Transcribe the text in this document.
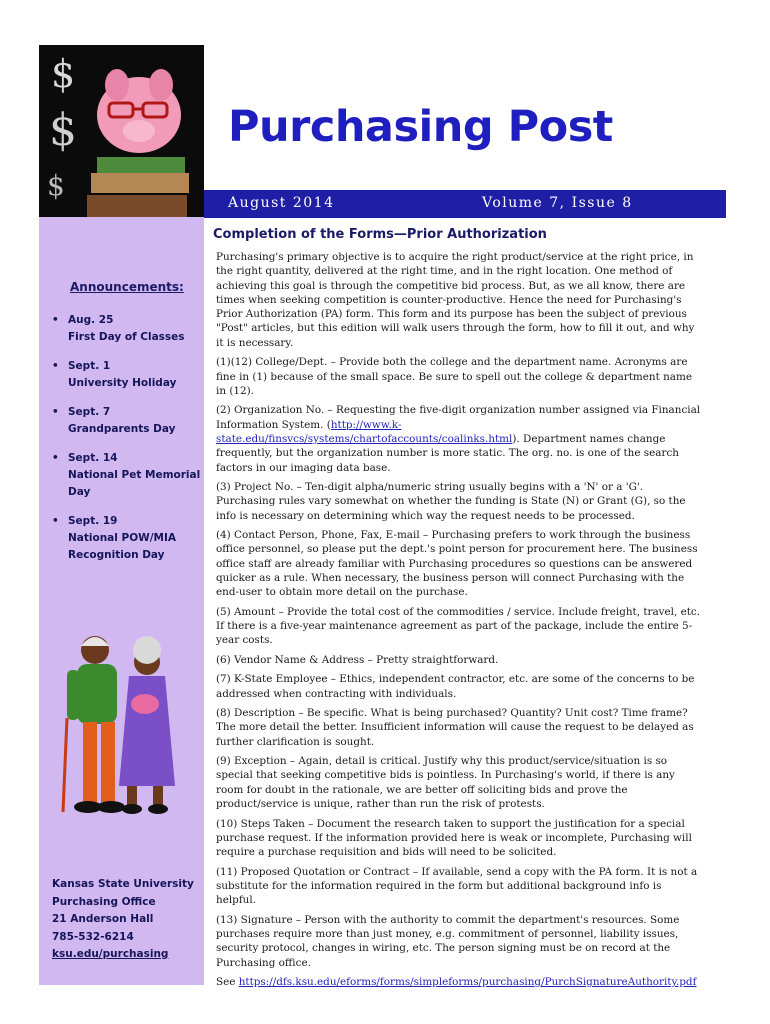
$
$
$
Purchasing Post
August 2014	Volume 7, Issue 8
Announcements:
• Aug. 25
First Day of Classes
• Sept. 1
University Holiday
• Sept. 7
Grandparents Day
• Sept. 14
National Pet Memorial Day
• Sept. 19
National POW/MIA Recognition Day
Kansas State University
Purchasing Office
21 Anderson Hall
785-532-6214
ksu.edu/purchasing
Completion of the Forms—Prior Authorization

Purchasing's primary objective is to acquire the right product/service at the right price, in the right quantity, delivered at the right time, and in the right location. One method of achieving this goal is through the competitive bid process. But, as we all know, there are times when seeking competition is counter-productive. Hence the need for Purchasing's Prior Authorization (PA) form. This form and its purpose has been the subject of previous "Post" articles, but this edition will walk users through the form, how to fill it out, and why it is necessary.

(1)(12) College/Dept. – Provide both the college and the department name. Acronyms are fine in (1) because of the small space. Be sure to spell out the college & department name in (12).

(2) Organization No. – Requesting the five-digit organization number assigned via Financial Information System. (http://www.k-state.edu/finsvcs/systems/chartofaccounts/coalinks.html). Department names change frequently, but the organization number is more static. The org. no. is one of the search factors in our imaging data base.

(3) Project No. – Ten-digit alpha/numeric string usually begins with a 'N' or a 'G'. Purchasing rules vary somewhat on whether the funding is State (N) or Grant (G), so the info is necessary on determining which way the request needs to be processed.

(4) Contact Person, Phone, Fax, E-mail – Purchasing prefers to work through the business office personnel, so please put the dept.'s point person for procurement here. The business office staff are already familiar with Purchasing procedures so questions can be answered quicker as a rule. When necessary, the business person will connect Purchasing with the end-user to obtain more detail on the purchase.

(5) Amount – Provide the total cost of the commodities / service. Include freight, travel, etc. If there is a five-year maintenance agreement as part of the package, include the entire 5-year costs.

(6) Vendor Name & Address – Pretty straightforward.

(7) K-State Employee – Ethics, independent contractor, etc. are some of the concerns to be addressed when contracting with individuals.

(8) Description – Be specific. What is being purchased? Quantity? Unit cost? Time frame? The more detail the better. Insufficient information will cause the request to be delayed as further clarification is sought.

(9) Exception – Again, detail is critical. Justify why this product/service/situation is so special that seeking competitive bids is pointless. In Purchasing's world, if there is any room for doubt in the rationale, we are better off soliciting bids and prove the product/service is unique, rather than run the risk of protests.

(10) Steps Taken – Document the research taken to support the justification for a special purchase request. If the information provided here is weak or incomplete, Purchasing will require a purchase requisition and bids will need to be solicited.

(11) Proposed Quotation or Contract – If available, send a copy with the PA form. It is not a substitute for the information required in the form but additional background info is helpful.

(13) Signature – Person with the authority to commit the department's resources. Some purchases require more than just money, e.g. commitment of personnel, liability issues, security protocol, changes in wiring, etc. The person signing must be on record at the Purchasing office.

See https://dfs.ksu.edu/eforms/forms/simpleforms/purchasing/PurchSignatureAuthority.pdf
